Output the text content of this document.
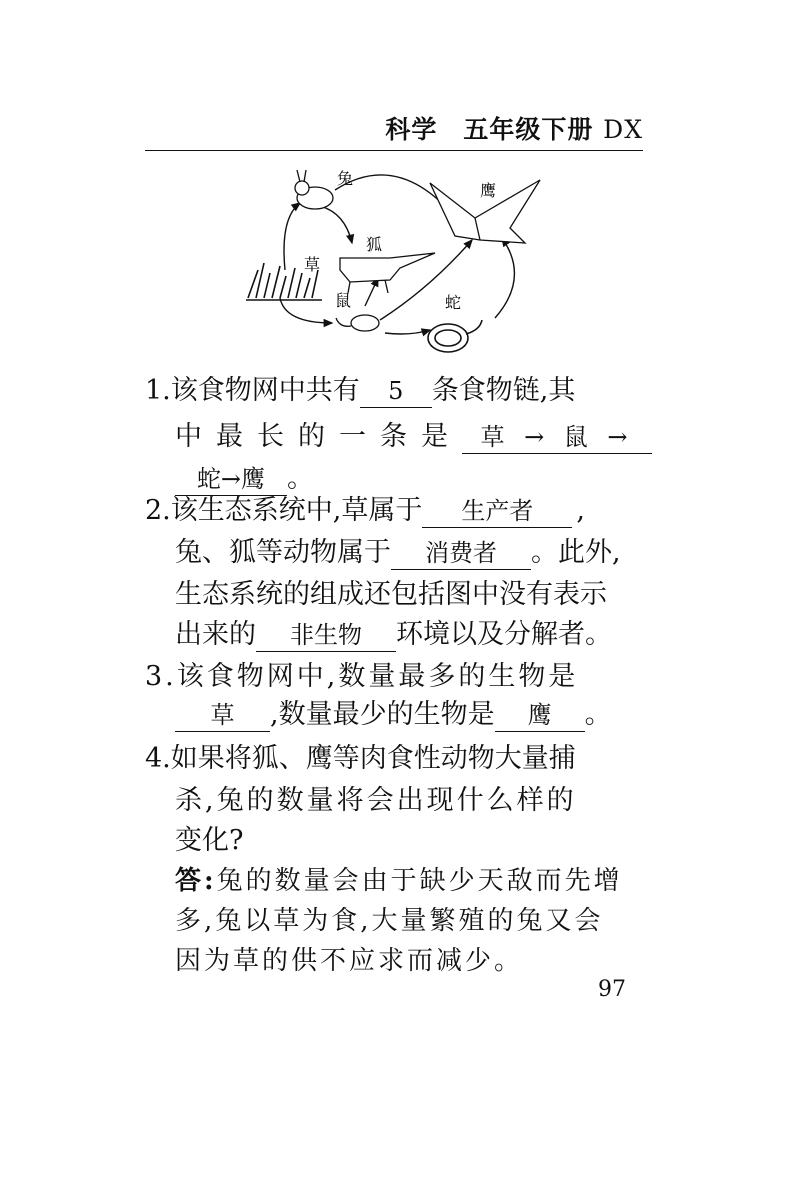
科学　五年级下册 DX
兔
鹰
狐
草
鼠	蛇
1.该食物网中共有 5 条食物链,其
中最长的一条是 草 → 鼠 →
蛇→鹰 。
2.该生态系统中,草属于 生产者 ,
兔、狐等动物属于 消费者 。此外,
生态系统的组成还包括图中没有表示
出来的 非生物 环境以及分解者。
3.该食物网中,数量最多的生物是
草 ,数量最少的生物是 鹰 。
4.如果将狐、鹰等肉食性动物大量捕
杀,兔的数量将会出现什么样的
变化?
答:兔的数量会由于缺少天敌而先增
多,兔以草为食,大量繁殖的兔又会
因为草的供不应求而减少。
97
